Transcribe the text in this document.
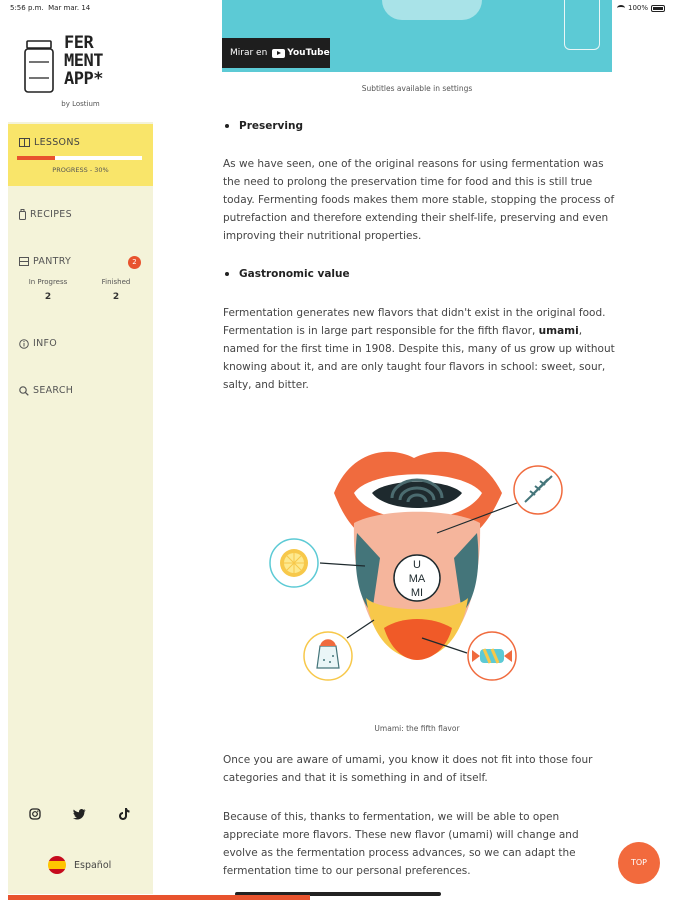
5:56 p.m. Mar mar. 14	100%
FER
MENT
APP*
by Lostium
LESSONS
PROGRESS - 30%
RECIPES
PANTRY	2
In Progress
2
Finished
2
INFO
SEARCH
Español
Mirar en YouTube
Subtitles available in settings
Preserving
As we have seen, one of the original reasons for using fermentation was the need to prolong the preservation time for food and this is still true today. Fermenting foods makes them more stable, stopping the process of putrefaction and therefore extending their shelf-life, preserving and even improving their nutritional properties.
Gastronomic value
Fermentation generates new flavors that didn't exist in the original food. Fermentation is in large part responsible for the fifth flavor, umami, named for the first time in 1908. Despite this, many of us grow up without knowing about it, and are only taught four flavors in school: sweet, sour, salty, and bitter.
U
MA
MI
Umami: the fifth flavor
Once you are aware of umami, you know it does not fit into those four categories and that it is something in and of itself.
Because of this, thanks to fermentation, we will be able to open appreciate more flavors. These new flavor (umami) will change and evolve as the fermentation process advances, so we can adapt the fermentation time to our personal preferences.
TOP
